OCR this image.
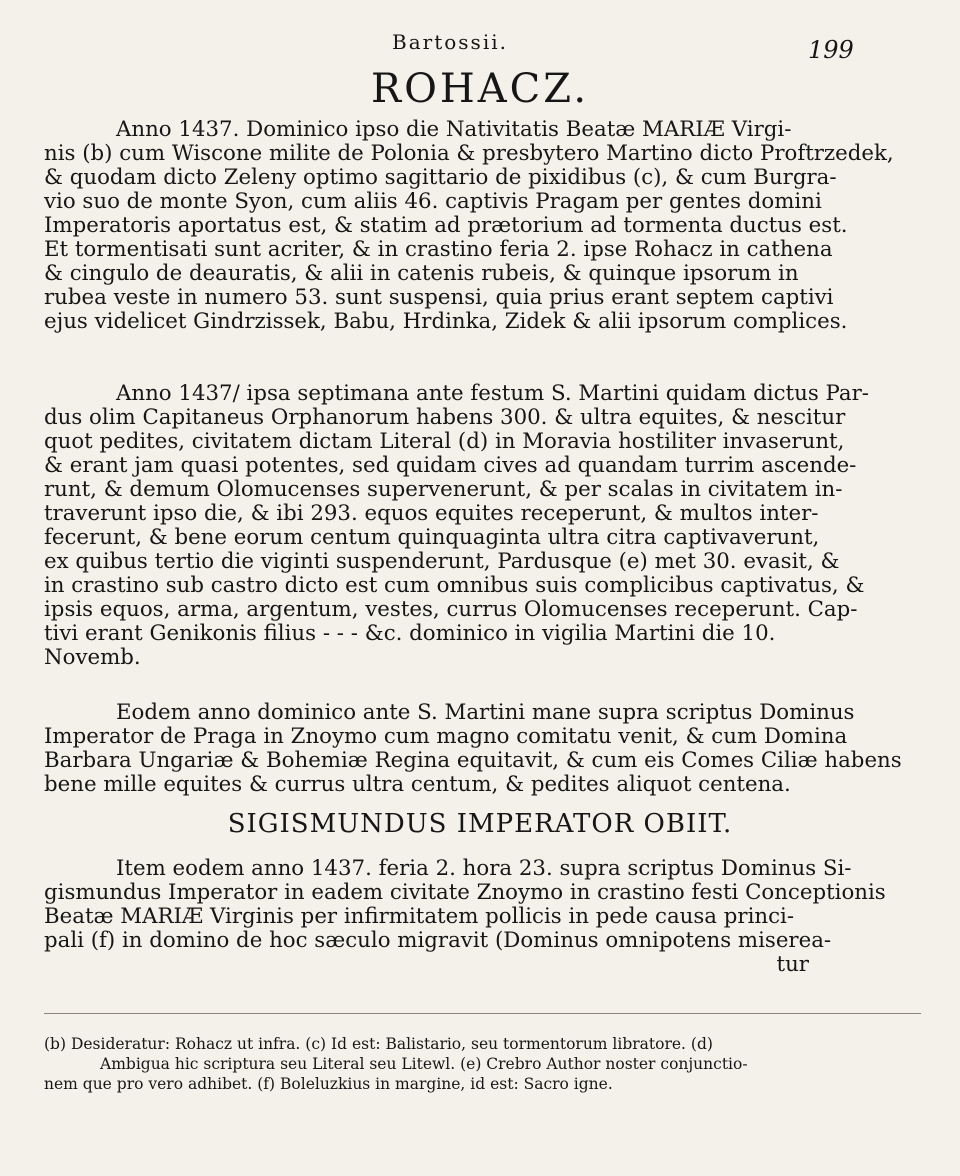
Bartossii.	199
ROHACZ.

Anno 1437. Dominico ipso die Nativitatis Beatæ MARIÆ Virgi-

nis (b) cum Wiscone milite de Polonia & presbytero Martino dicto Proftrzedek,

& quodam dicto Zeleny optimo sagittario de pixidibus (c), & cum Burgra-

vio suo de monte Syon, cum aliis 46. captivis Pragam per gentes domini

Imperatoris aportatus est, & statim ad prætorium ad tormenta ductus est.

Et tormentisati sunt acriter, & in crastino feria 2. ipse Rohacz in cathena

& cingulo de deauratis, & alii in catenis rubeis, & quinque ipsorum in

rubea veste in numero 53. sunt suspensi, quia prius erant septem captivi

ejus videlicet Gindrzissek, Babu, Hrdinka, Zidek & alii ipsorum complices.

Anno 1437/ ipsa septimana ante festum S. Martini quidam dictus Par-

dus olim Capitaneus Orphanorum habens 300. & ultra equites, & nescitur

quot pedites, civitatem dictam Literal (d) in Moravia hostiliter invaserunt,

& erant jam quasi potentes, sed quidam cives ad quandam turrim ascende-

runt, & demum Olomucenses supervenerunt, & per scalas in civitatem in-

traverunt ipso die, & ibi 293. equos equites receperunt, & multos inter-

fecerunt, & bene eorum centum quinquaginta ultra citra captivaverunt,

ex quibus tertio die viginti suspenderunt, Pardusque (e) met 30. evasit, &

in crastino sub castro dicto est cum omnibus suis complicibus captivatus, &

ipsis equos, arma, argentum, vestes, currus Olomucenses receperunt. Cap-

tivi erant Genikonis filius - - - &c. dominico in vigilia Martini die 10.

Novemb.

Eodem anno dominico ante S. Martini mane supra scriptus Dominus

Imperator de Praga in Znoymo cum magno comitatu venit, & cum Domina

Barbara Ungariæ & Bohemiæ Regina equitavit, & cum eis Comes Ciliæ habens

bene mille equites & currus ultra centum, & pedites aliquot centena.

SIGISMUNDUS IMPERATOR OBIIT.

Item eodem anno 1437. feria 2. hora 23. supra scriptus Dominus Si-

gismundus Imperator in eadem civitate Znoymo in crastino festi Conceptionis

Beatæ MARIÆ Virginis per infirmitatem pollicis in pede causa princi-

pali (f) in domino de hoc sæculo migravit (Dominus omnipotens miserea-

tur

(b) Desideratur: Rohacz ut infra. (c) Id est: Balistario, seu tormentorum libratore. (d)

Ambigua hic scriptura seu Literal seu Litewl. (e) Crebro Author noster conjunctio-

nem que pro vero adhibet. (f) Boleluzkius in margine, id est: Sacro igne.
